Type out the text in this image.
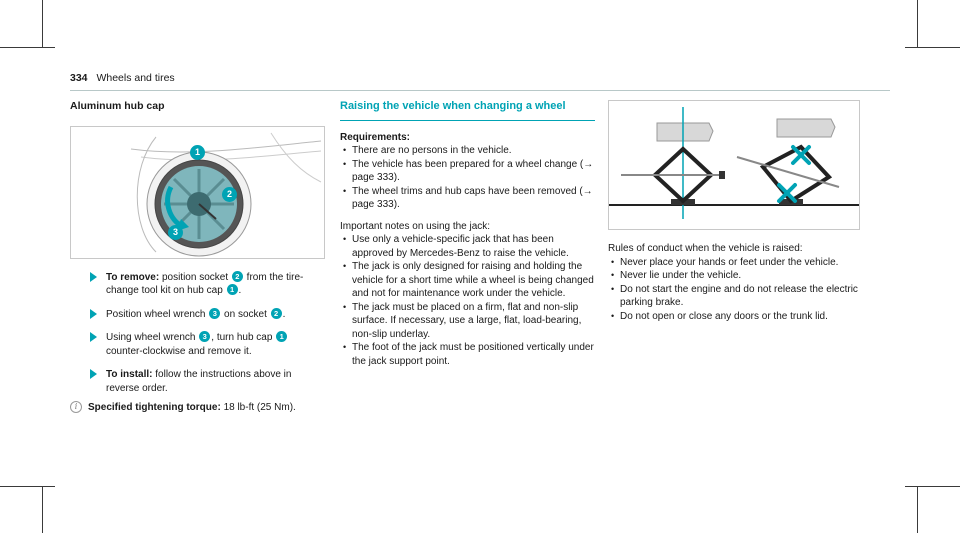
334 Wheels and tires
Aluminum hub cap
1
2
3
To remove: position socket 2 from the tire-change tool kit on hub cap 1 .
Position wheel wrench 3 on socket 2 .
Using wheel wrench 3 , turn hub cap 1 counter-clockwise and remove it.
To install: follow the instructions above in reverse order.
i	Specified tightening torque: 18 lb-ft (25 Nm).
Raising the vehicle when changing a wheel
Requirements:
• There are no persons in the vehicle.
• The vehicle has been prepared for a wheel change (→ page 333).
• The wheel trims and hub caps have been removed (→ page 333).
Important notes on using the jack:
• Use only a vehicle-specific jack that has been approved by Mercedes-Benz to raise the vehicle.
• The jack is only designed for raising and holding the vehicle for a short time while a wheel is being changed and not for maintenance work under the vehicle.
• The jack must be placed on a firm, flat and non-slip surface. If necessary, use a large, flat, load-bearing, non-slip underlay.
• The foot of the jack must be positioned vertically under the jack support point.
Rules of conduct when the vehicle is raised:
• Never place your hands or feet under the vehicle.
• Never lie under the vehicle.
• Do not start the engine and do not release the electric parking brake.
• Do not open or close any doors or the trunk lid.
